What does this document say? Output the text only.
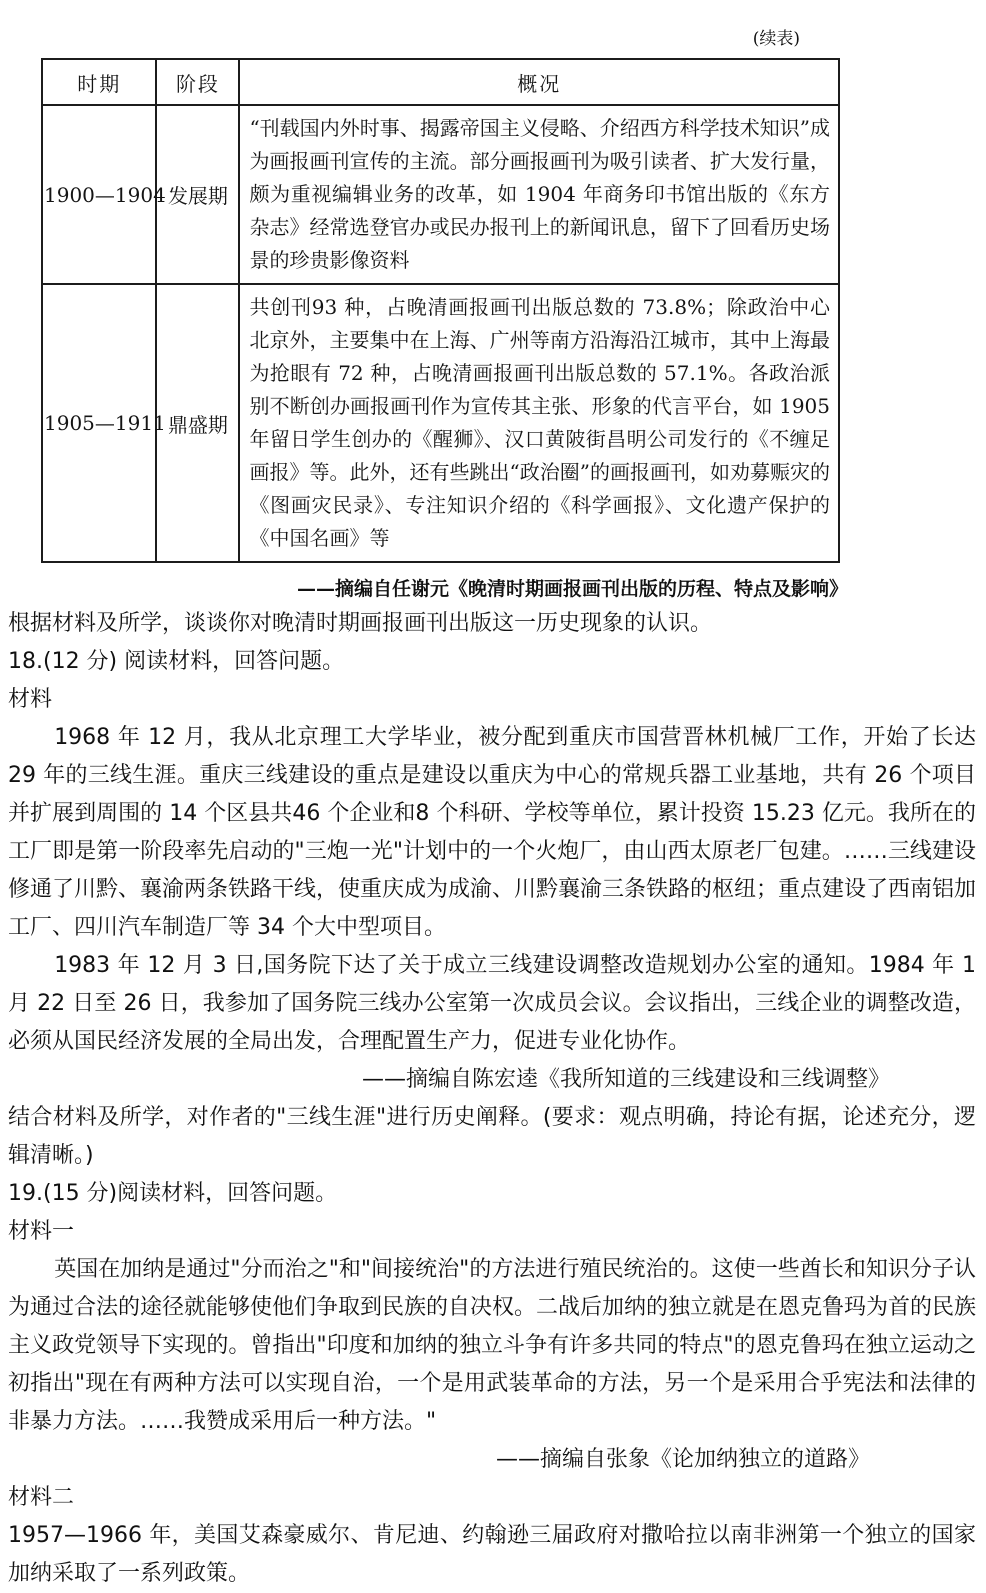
(续表)
时期	阶段	概况
1900—1904	发展期	“刊载国内外时事、揭露帝国主义侵略、介绍西方科学技术知识”成为画报画刊宣传的主流。部分画报画刊为吸引读者、扩大发行量，颇为重视编辑业务的改革，如 1904 年商务印书馆出版的《东方杂志》经常选登官办或民办报刊上的新闻讯息，留下了回看历史场景的珍贵影像资料
1905—1911	鼎盛期	共创刊93 种，占晚清画报画刊出版总数的 73.8%；除政治中心北京外，主要集中在上海、广州等南方沿海沿江城市，其中上海最为抢眼有 72 种，占晚清画报画刊出版总数的 57.1%。各政治派别不断创办画报画刊作为宣传其主张、形象的代言平台，如 1905 年留日学生创办的《醒狮》、汉口黄陂街昌明公司发行的《不缠足画报》等。此外，还有些跳出“政治圈”的画报画刊，如劝募赈灾的《图画灾民录》、专注知识介绍的《科学画报》、文化遗产保护的《中国名画》等
——摘编自任谢元《晚清时期画报画刊出版的历程、特点及影响》

根据材料及所学，谈谈你对晚清时期画报画刊出版这一历史现象的认识。

18.(12 分) 阅读材料，回答问题。

材料

1968 年 12 月，我从北京理工大学毕业，被分配到重庆市国营晋林机械厂工作，开始了长达 29 年的三线生涯。重庆三线建设的重点是建设以重庆为中心的常规兵器工业基地，共有 26 个项目并扩展到周围的 14 个区县共46 个企业和8 个科研、学校等单位，累计投资 15.23 亿元。我所在的工厂即是第一阶段率先启动的"三炮一光"计划中的一个火炮厂，由山西太原老厂包建。……三线建设修通了川黔、襄渝两条铁路干线，使重庆成为成渝、川黔襄渝三条铁路的枢纽；重点建设了西南铝加工厂、四川汽车制造厂等 34 个大中型项目。

1983 年 12 月 3 日,国务院下达了关于成立三线建设调整改造规划办公室的通知。1984 年 1 月 22 日至 26 日，我参加了国务院三线办公室第一次成员会议。会议指出，三线企业的调整改造，必须从国民经济发展的全局出发，合理配置生产力，促进专业化协作。

——摘编自陈宏逵《我所知道的三线建设和三线调整》

结合材料及所学，对作者的"三线生涯"进行历史阐释。(要求：观点明确，持论有据，论述充分，逻辑清晰。)

19.(15 分)阅读材料，回答问题。

材料一

英国在加纳是通过"分而治之"和"间接统治"的方法进行殖民统治的。这使一些酋长和知识分子认为通过合法的途径就能够使他们争取到民族的自决权。二战后加纳的独立就是在恩克鲁玛为首的民族主义政党领导下实现的。曾指出"印度和加纳的独立斗争有许多共同的特点"的恩克鲁玛在独立运动之初指出"现在有两种方法可以实现自治，一个是用武装革命的方法，另一个是采用合乎宪法和法律的非暴力方法。……我赞成采用后一种方法。"

——摘编自张象《论加纳独立的道路》

材料二

1957—1966 年，美国艾森豪威尔、肯尼迪、约翰逊三届政府对撒哈拉以南非洲第一个独立的国家加纳采取了一系列政策。
